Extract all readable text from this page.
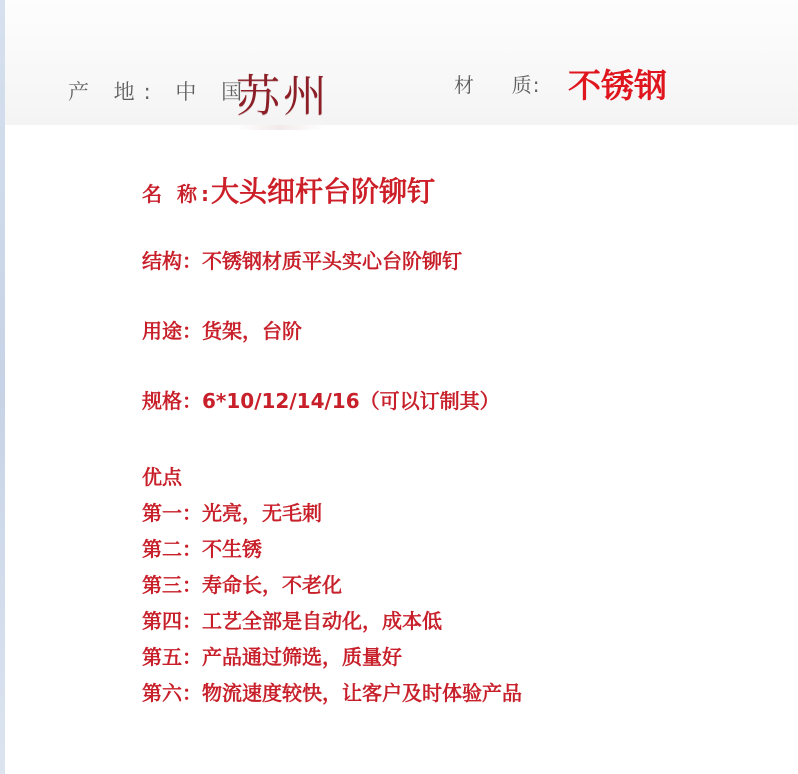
产 地: 中 国
苏州	材     质: 不锈钢
名 称 : 大头细杆台阶铆钉
结构：不锈钢材质平头实心台阶铆钉
用途：货架，台阶
规格：6*10/12/14/16（可以订制其）
优点
第一：光亮，无毛刺
第二：不生锈
第三：寿命长，不老化
第四：工艺全部是自动化，成本低
第五：产品通过筛选，质量好
第六：物流速度较快，让客户及时体验产品
